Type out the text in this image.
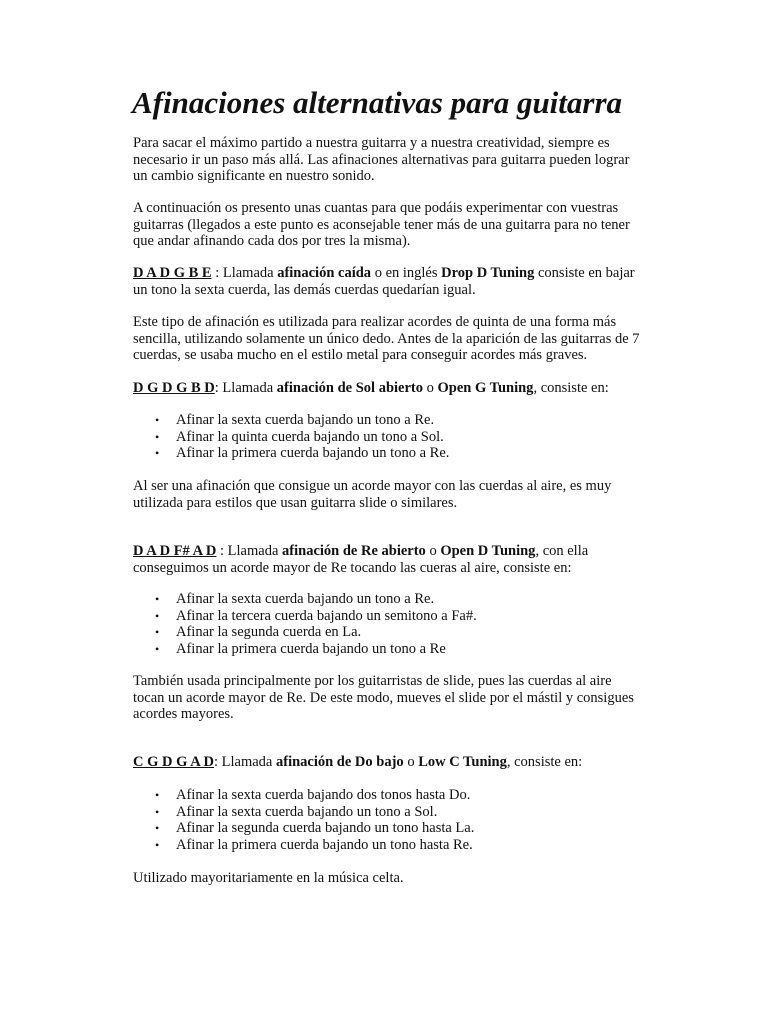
Afinaciones alternativas para guitarra

Para sacar el máximo partido a nuestra guitarra y a nuestra creatividad, siempre es necesario ir un paso más allá. Las afinaciones alternativas para guitarra pueden lograr un cambio significante en nuestro sonido.

A continuación os presento unas cuantas para que podáis experimentar con vuestras guitarras (llegados a este punto es aconsejable tener más de una guitarra para no tener que andar afinando cada dos por tres la misma).

D A D G B E : Llamada afinación caída o en inglés Drop D Tuning consiste en bajar un tono la sexta cuerda, las demás cuerdas quedarían igual.

Este tipo de afinación es utilizada para realizar acordes de quinta de una forma más sencilla, utilizando solamente un único dedo. Antes de la aparición de las guitarras de 7 cuerdas, se usaba mucho en el estilo metal para conseguir acordes más graves.

D G D G B D: Llamada afinación de Sol abierto o Open G Tuning, consiste en:

• Afinar la sexta cuerda bajando un tono a Re.
• Afinar la quinta cuerda bajando un tono a Sol.
• Afinar la primera cuerda bajando un tono a Re.

Al ser una afinación que consigue un acorde mayor con las cuerdas al aire, es muy utilizada para estilos que usan guitarra slide o similares.

D A D F# A D : Llamada afinación de Re abierto o Open D Tuning, con ella conseguimos un acorde mayor de Re tocando las cueras al aire, consiste en:

• Afinar la sexta cuerda bajando un tono a Re.
• Afinar la tercera cuerda bajando un semitono a Fa#.
• Afinar la segunda cuerda en La.
• Afinar la primera cuerda bajando un tono a Re

También usada principalmente por los guitarristas de slide, pues las cuerdas al aire tocan un acorde mayor de Re. De este modo, mueves el slide por el mástil y consigues acordes mayores.

C G D G A D: Llamada afinación de Do bajo o Low C Tuning, consiste en:

• Afinar la sexta cuerda bajando dos tonos hasta Do.
• Afinar la sexta cuerda bajando un tono a Sol.
• Afinar la segunda cuerda bajando un tono hasta La.
• Afinar la primera cuerda bajando un tono hasta Re.

Utilizado mayoritariamente en la música celta.
